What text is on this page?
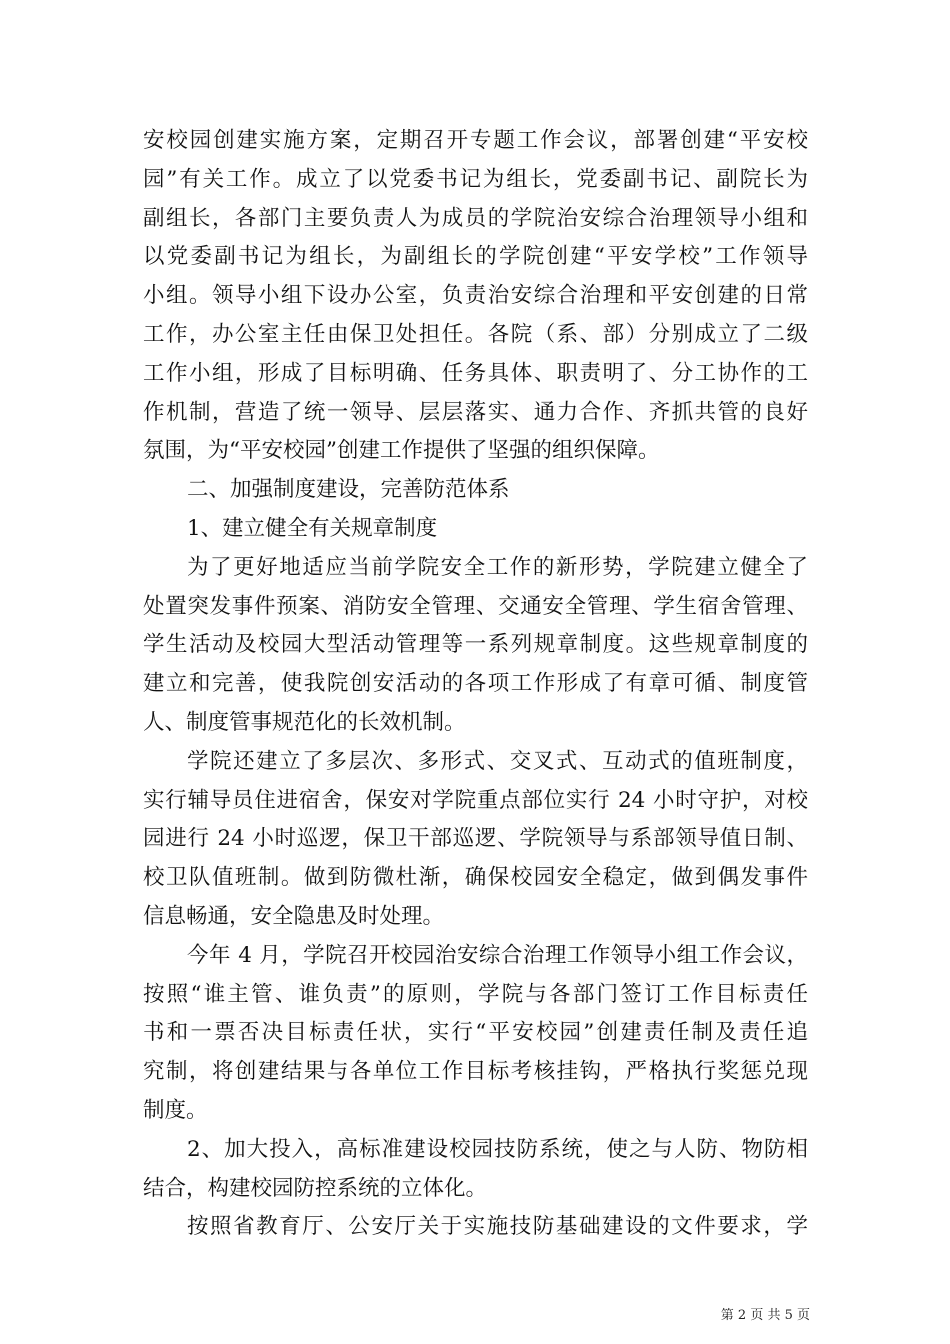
安校园创建实施方案，定期召开专题工作会议，部署创建“平安校
园”有关工作。成立了以党委书记为组长，党委副书记、副院长为
副组长，各部门主要负责人为成员的学院治安综合治理领导小组和
以党委副书记为组长，为副组长的学院创建“平安学校”工作领导
小组。领导小组下设办公室，负责治安综合治理和平安创建的日常
工作，办公室主任由保卫处担任。各院（系、部）分别成立了二级
工作小组，形成了目标明确、任务具体、职责明了、分工协作的工
作机制，营造了统一领导、层层落实、通力合作、齐抓共管的良好
氛围，为“平安校园”创建工作提供了坚强的组织保障。
二、加强制度建设，完善防范体系
1、建立健全有关规章制度
为了更好地适应当前学院安全工作的新形势，学院建立健全了
处置突发事件预案、消防安全管理、交通安全管理、学生宿舍管理、
学生活动及校园大型活动管理等一系列规章制度。这些规章制度的
建立和完善，使我院创安活动的各项工作形成了有章可循、制度管
人、制度管事规范化的长效机制。
学院还建立了多层次、多形式、交叉式、互动式的值班制度，
实行辅导员住进宿舍，保安对学院重点部位实行 24 小时守护，对校
园进行 24 小时巡逻，保卫干部巡逻、学院领导与系部领导值日制、
校卫队值班制。做到防微杜渐，确保校园安全稳定，做到偶发事件
信息畅通，安全隐患及时处理。
今年 4 月，学院召开校园治安综合治理工作领导小组工作会议，
按照“谁主管、谁负责”的原则，学院与各部门签订工作目标责任
书和一票否决目标责任状，实行“平安校园”创建责任制及责任追
究制，将创建结果与各单位工作目标考核挂钩，严格执行奖惩兑现
制度。
2、加大投入，高标准建设校园技防系统，使之与人防、物防相
结合，构建校园防控系统的立体化。
按照省教育厅、公安厅关于实施技防基础建设的文件要求，学
第 2 页 共 5 页
